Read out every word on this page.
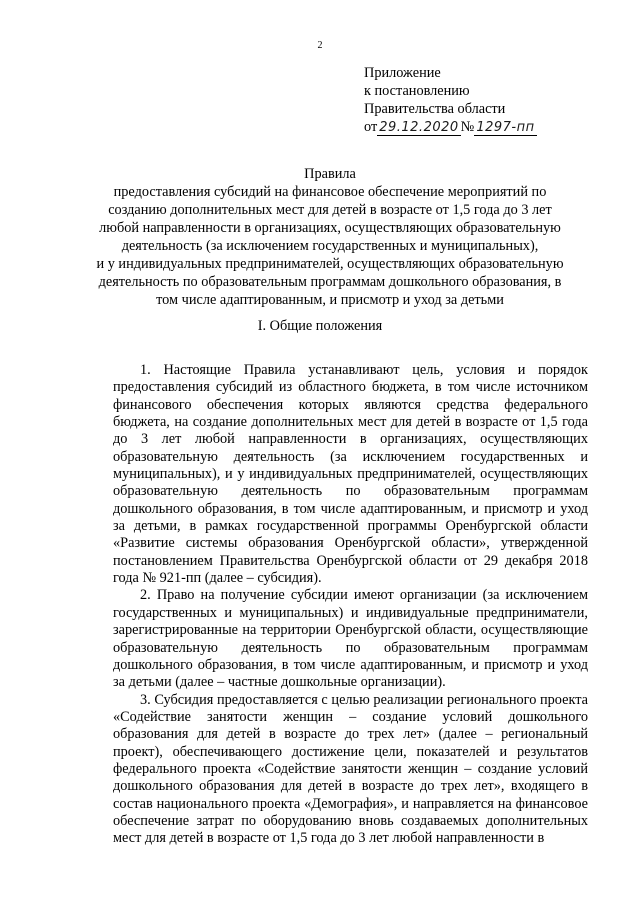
2
Приложение
к постановлению
Правительства области
от 29.12.2020 № 1297-пп
Правила
предоставления субсидий на финансовое обеспечение мероприятий по
созданию дополнительных мест для детей в возрасте от 1,5 года до 3 лет
любой направленности в организациях, осуществляющих образовательную
деятельность (за исключением государственных и муниципальных),
и у индивидуальных предпринимателей, осуществляющих образовательную
деятельность по образовательным программам дошкольного образования, в
том числе адаптированным, и присмотр и уход за детьми
I. Общие положения

1. Настоящие Правила устанавливают цель, условия и порядок предоставления субсидий из областного бюджета, в том числе источником финансового обеспечения которых являются средства федерального бюджета, на создание дополнительных мест для детей в возрасте от 1,5 года до 3 лет любой направленности в организациях, осуществляющих образовательную деятельность (за исключением государственных и муниципальных), и у индивидуальных предпринимателей, осуществляющих образовательную деятельность по образовательным программам дошкольного образования, в том числе адаптированным, и присмотр и уход за детьми, в рамках государственной программы Оренбургской области «Развитие системы образования Оренбургской области», утвержденной постановлением Правительства Оренбургской области от 29 декабря 2018 года № 921-пп (далее – субсидия).

2. Право на получение субсидии имеют организации (за исключением государственных и муниципальных) и индивидуальные предприниматели, зарегистрированные на территории Оренбургской области, осуществляющие образовательную деятельность по образовательным программам дошкольного образования, в том числе адаптированным, и присмотр и уход за детьми (далее – частные дошкольные организации).

3. Субсидия предоставляется с целью реализации регионального проекта «Содействие занятости женщин – создание условий дошкольного образования для детей в возрасте до трех лет» (далее – региональный проект), обеспечивающего достижение цели, показателей и результатов федерального проекта «Содействие занятости женщин – создание условий дошкольного образования для детей в возрасте до трех лет», входящего в состав национального проекта «Демография», и направляется на финансовое обеспечение затрат по оборудованию вновь создаваемых дополнительных мест для детей в возрасте от 1,5 года до 3 лет любой направленности в
